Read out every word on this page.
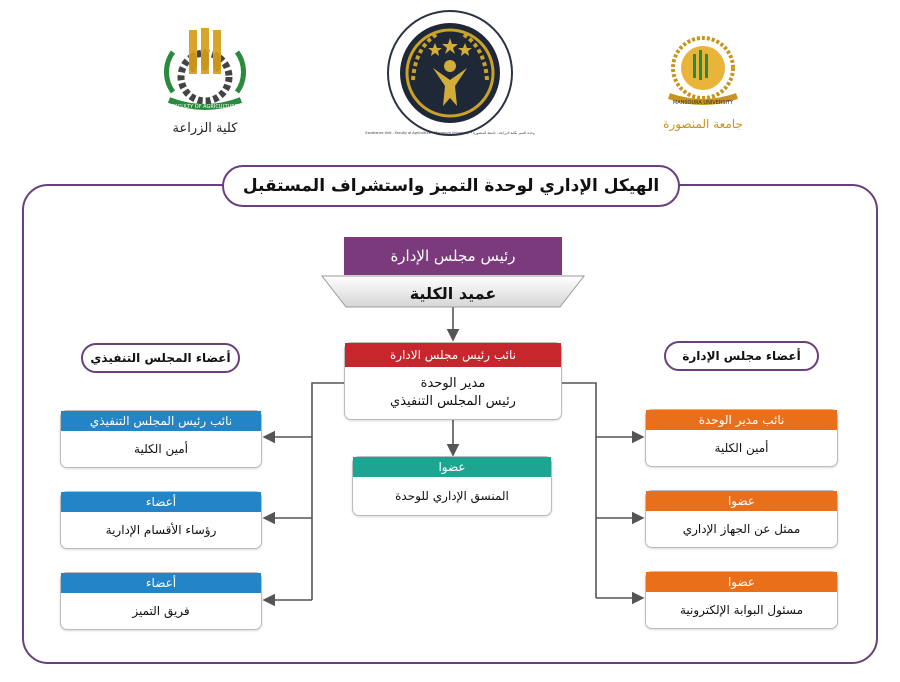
FACULTY OF AGRICULTURE
كلية الزراعة	Excellence Unit - Faculty of Agriculture - Mansoura University • وحدة التميز بكلية الزراعة - جامعة المنصورة
MANSOURA UNIVERSITY
جامعة المنصورة
الهيكل الإداري لوحدة التميز واستشراف المستقبل
رئيس مجلس الإدارة
عميد الكلية
نائب رئيس مجلس الادارة
مدير الوحدة
رئيس المجلس التنفيذي
عضوا
المنسق الإداري للوحدة
أعضاء المجلس التنفيذي
نائب رئيس المجلس التنفيذي
أمين الكلية
أعضاء
رؤساء الأقسام الإدارية
أعضاء
فريق التميز
أعضاء مجلس الإدارة
نائب مدير الوحدة
أمين الكلية
عضوا
ممثل عن الجهاز الإداري
عضوا
مسئول البوابة الإلكترونية
